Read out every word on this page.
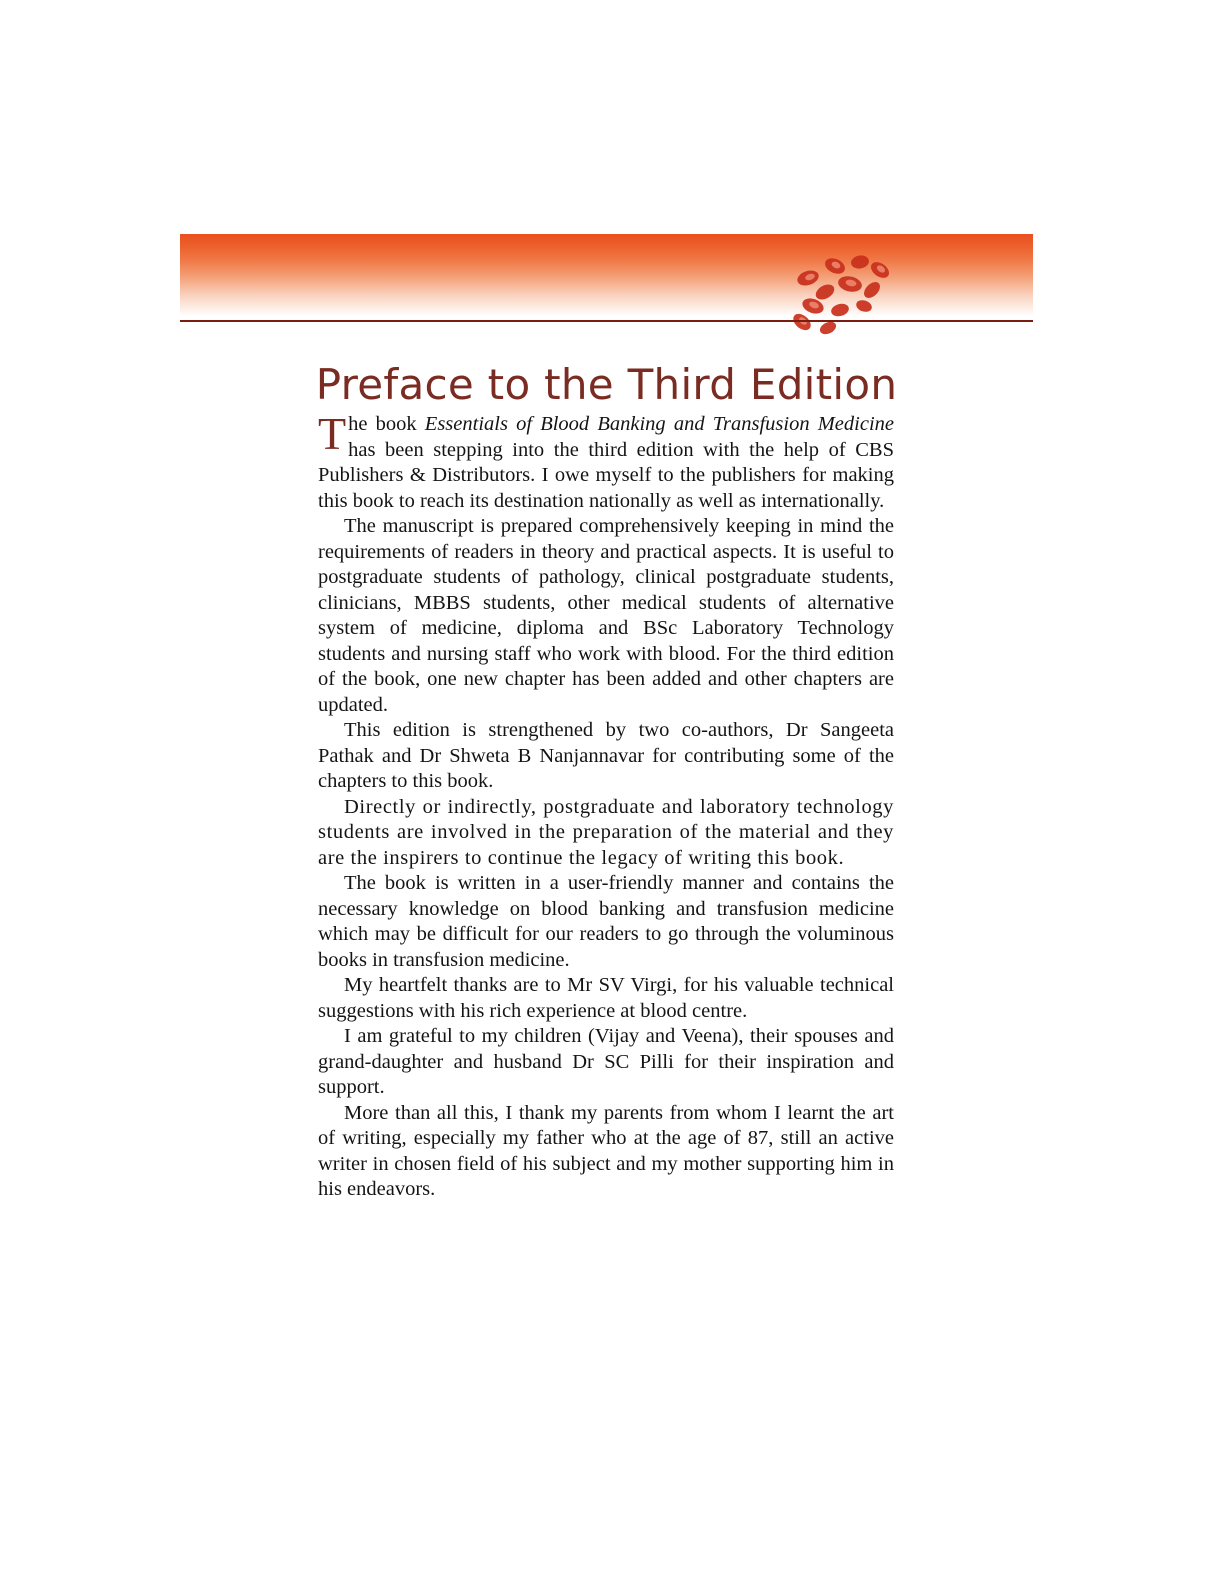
Preface to the Third Edition

The book Essentials of Blood Banking and Transfusion Medicine has been stepping into the third edition with the help of CBS Publishers & Distributors. I owe myself to the publishers for making this book to reach its destination nationally as well as internationally.

The manuscript is prepared comprehensively keeping in mind the requirements of readers in theory and practical aspects. It is useful to postgraduate students of pathology, clinical postgraduate students, clinicians, MBBS students, other medical students of alternative system of medicine, diploma and BSc Laboratory Technology students and nursing staff who work with blood. For the third edition of the book, one new chapter has been added and other chapters are updated.

This edition is strengthened by two co-authors, Dr Sangeeta Pathak and Dr Shweta B Nanjannavar for contributing some of the chapters to this book.

Directly or indirectly, postgraduate and laboratory technology students are involved in the preparation of the material and they are the inspirers to continue the legacy of writing this book.

The book is written in a user-friendly manner and contains the necessary knowledge on blood banking and transfusion medicine which may be difficult for our readers to go through the voluminous books in transfusion medicine.

My heartfelt thanks are to Mr SV Virgi, for his valuable technical suggestions with his rich experience at blood centre.

I am grateful to my children (Vijay and Veena), their spouses and grand-daughter and husband Dr SC Pilli for their inspiration and support.

More than all this, I thank my parents from whom I learnt the art of writing, especially my father who at the age of 87, still an active writer in chosen field of his subject and my mother supporting him in his endeavors.
